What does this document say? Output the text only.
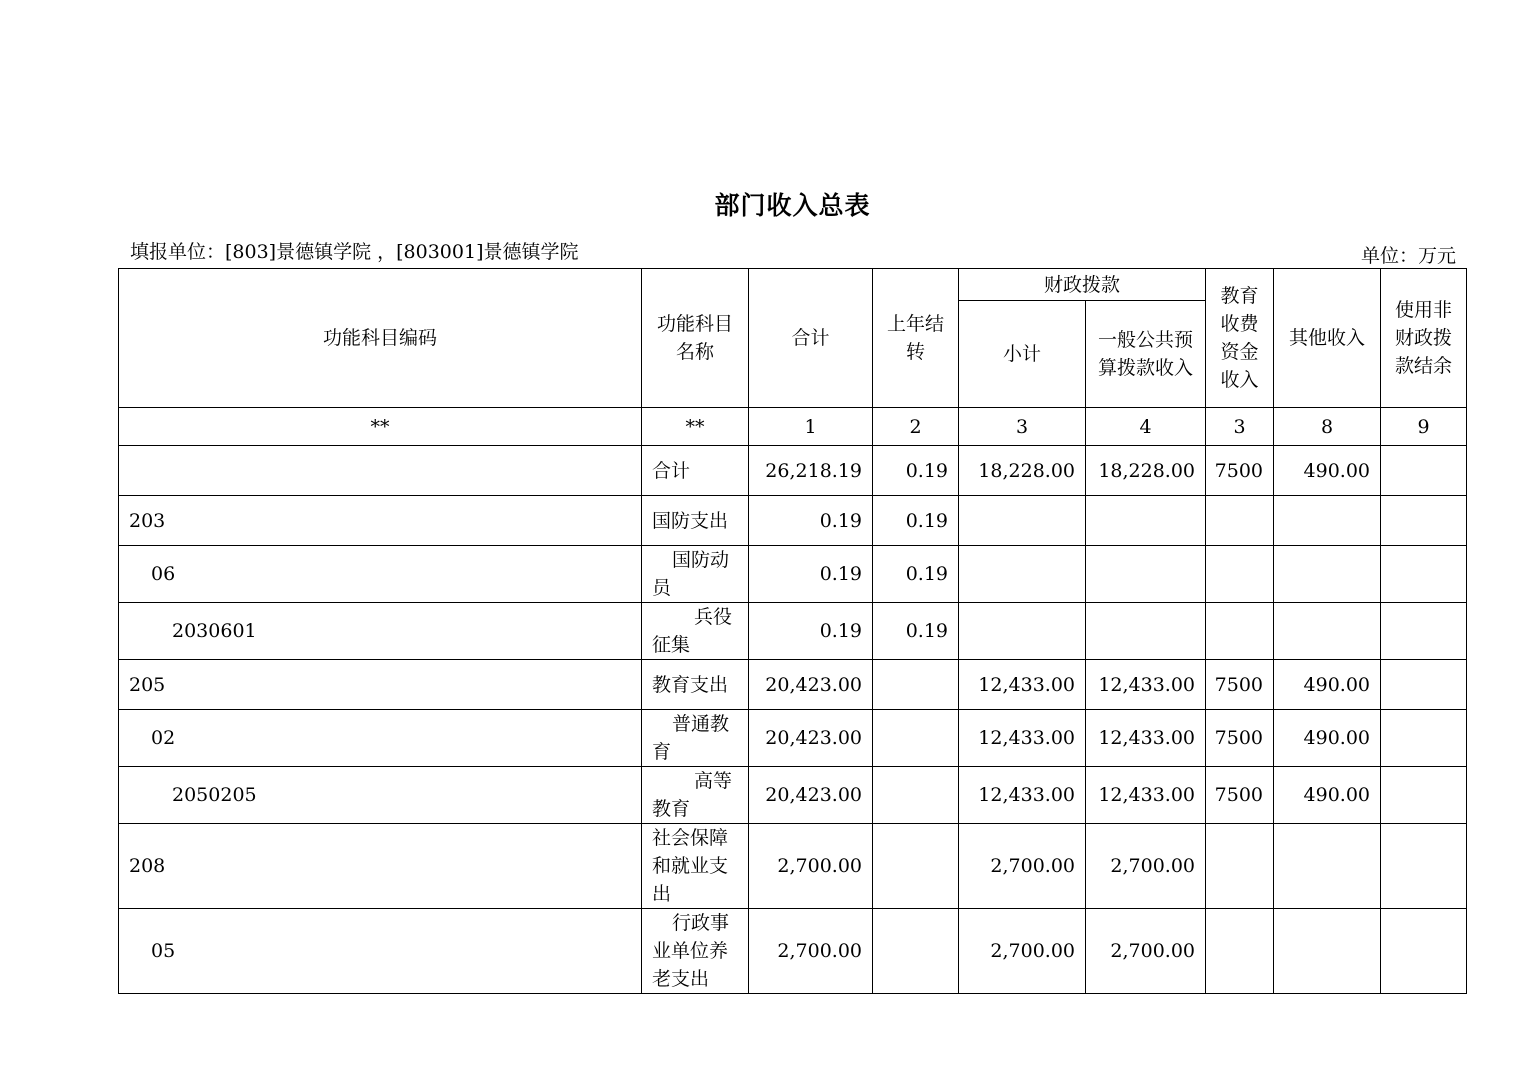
部门收入总表
填报单位：[803]景德镇学院 ，[803001]景德镇学院	单位：万元
功能科目编码	功能科目名称	合计	上年结转	财政拨款		教育收费资金收入	其他收入	使用非财政拨款结余
				小计	一般公共预算拨款收入			
**	**	1	2	3	4	3	8	9
	合计	26,218.19	0.19	18,228.00	18,228.00	7500	490.00	
203	国防支出	0.19	0.19					
06	国防动员	0.19	0.19					
2030601	兵役征集	0.19	0.19					
205	教育支出	20,423.00		12,433.00	12,433.00	7500	490.00	
02	普通教育	20,423.00		12,433.00	12,433.00	7500	490.00	
2050205	高等教育	20,423.00		12,433.00	12,433.00	7500	490.00	
208	社会保障和就业支出	2,700.00		2,700.00	2,700.00			
05	行政事业单位养老支出	2,700.00		2,700.00	2,700.00			
